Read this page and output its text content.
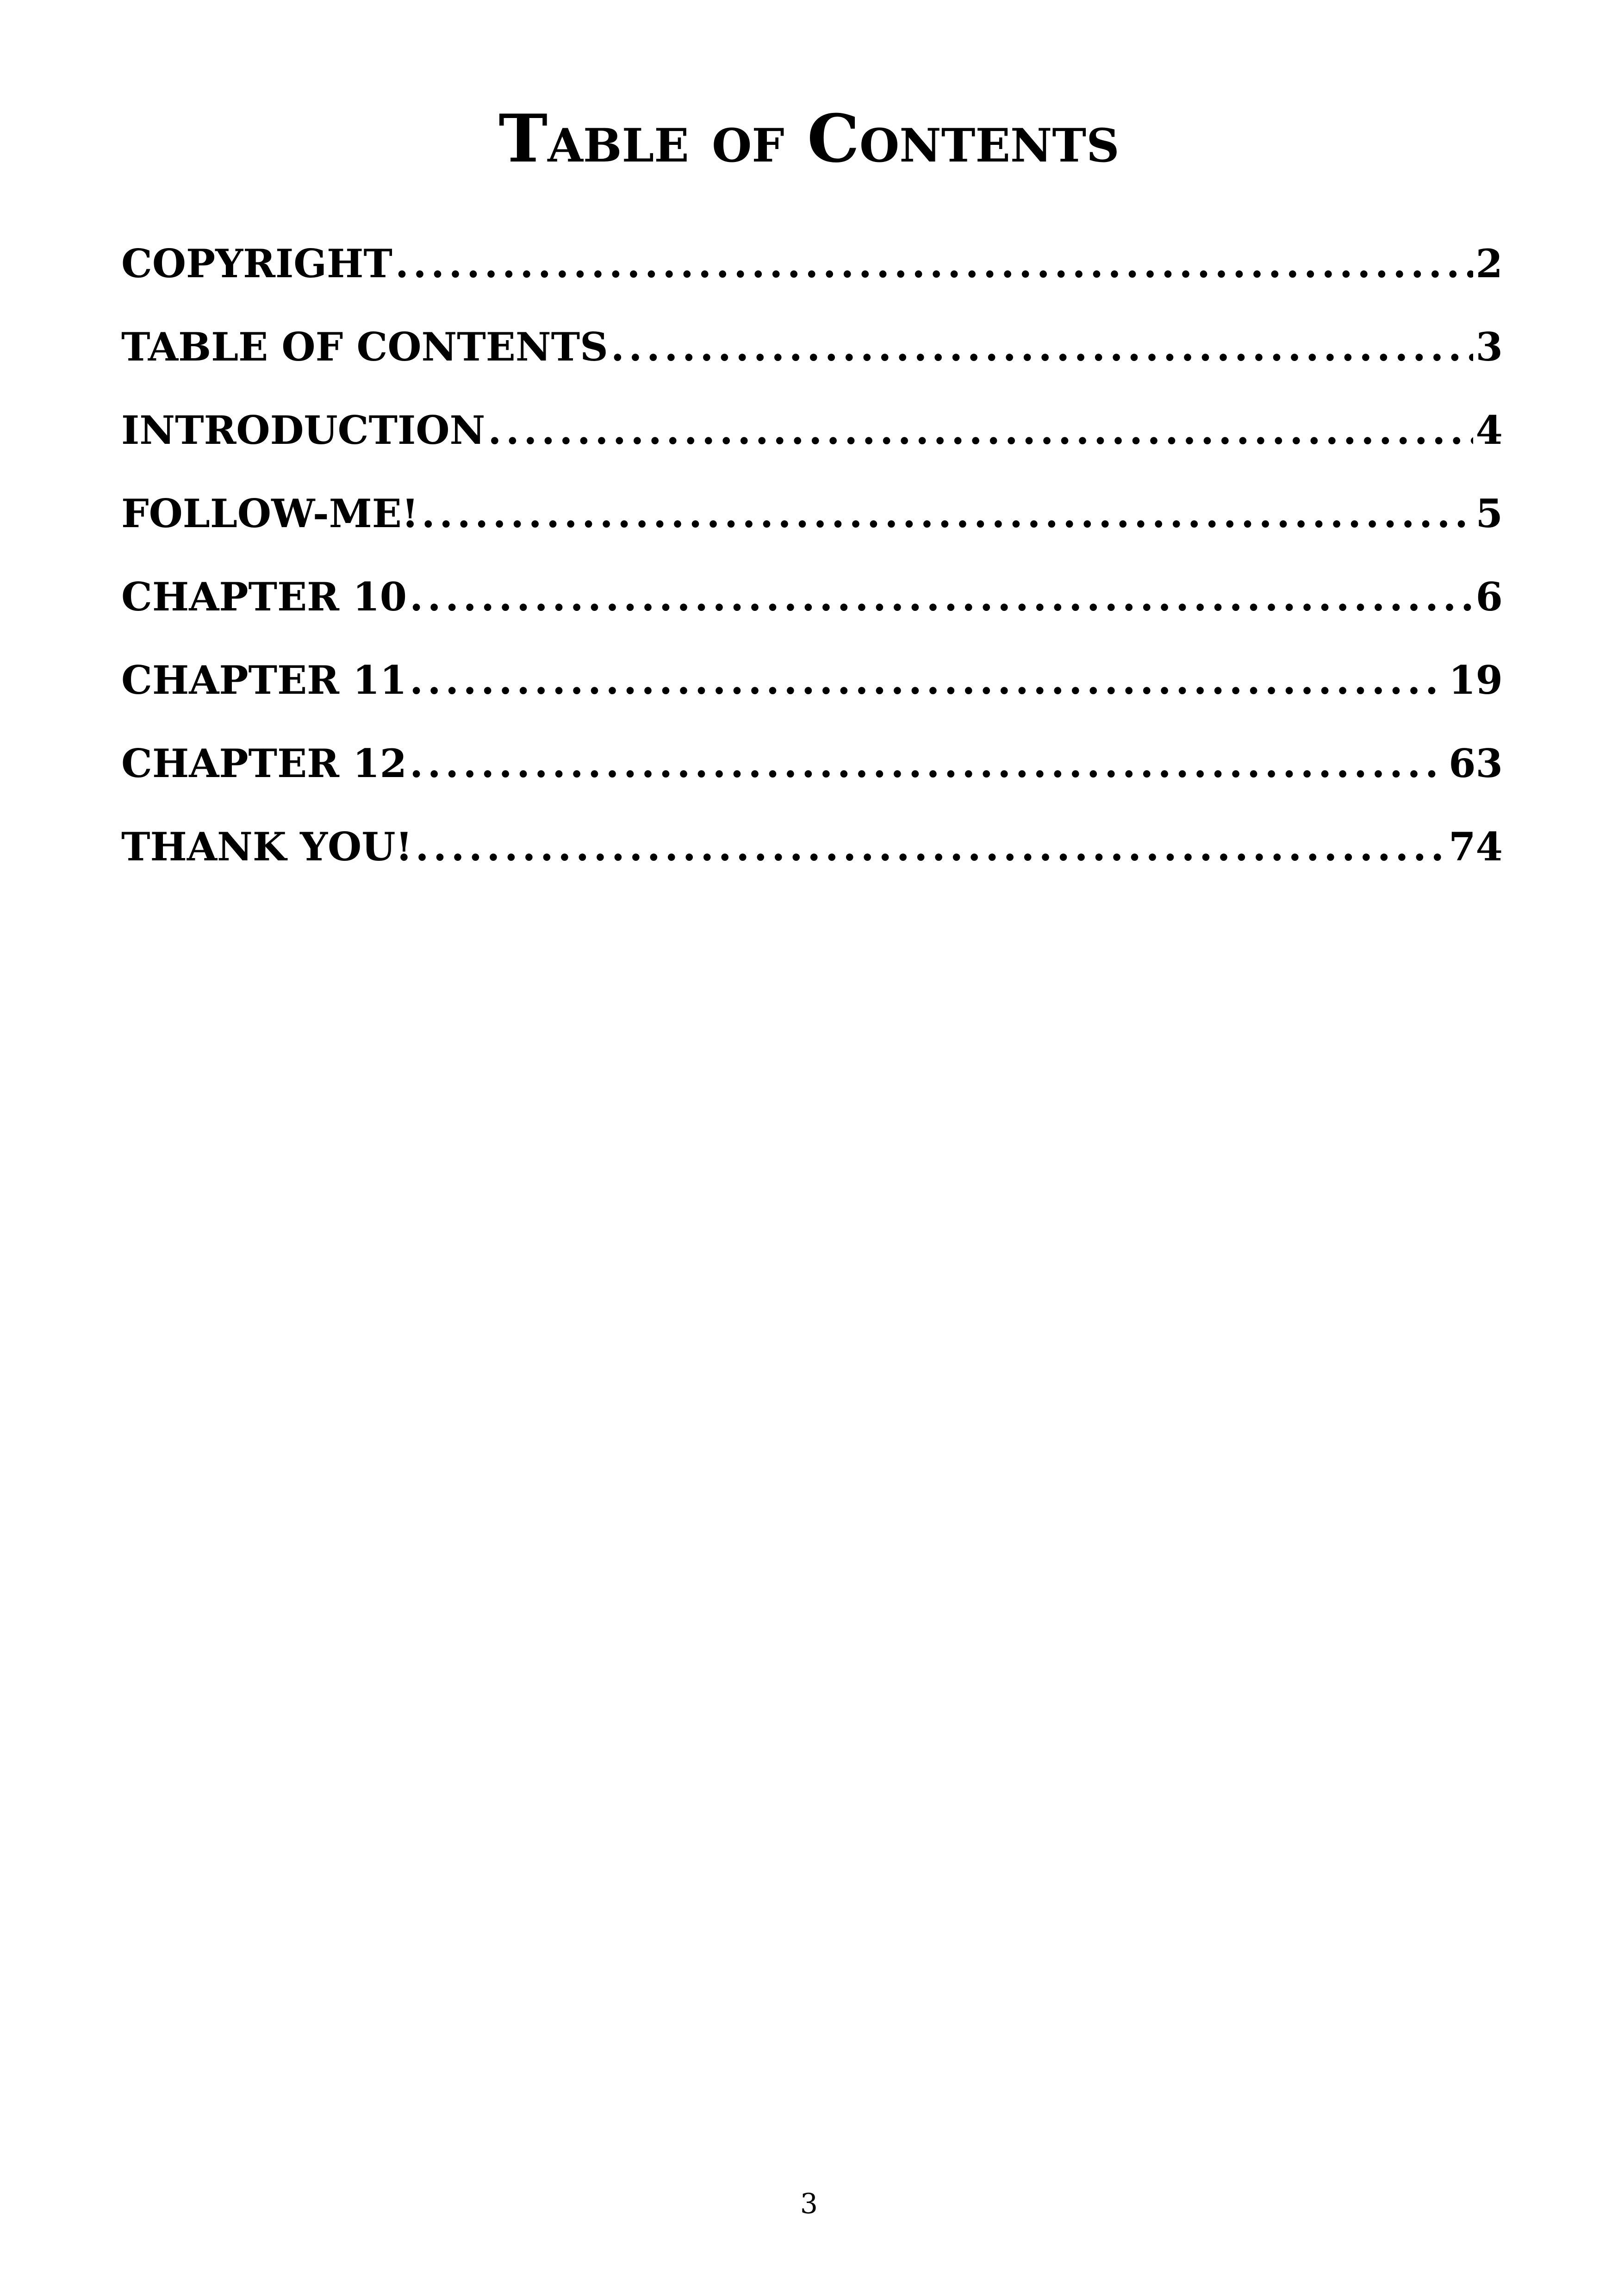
Table of Contents
COPYRIGHT . . .	2
TABLE OF CONTENTS . . .	3
INTRODUCTION . . .	4
FOLLOW-ME! . . .	5
CHAPTER 10 . . .	6
CHAPTER 11 . . .	19
CHAPTER 12 . . .	63
THANK YOU! . . .	74

3
